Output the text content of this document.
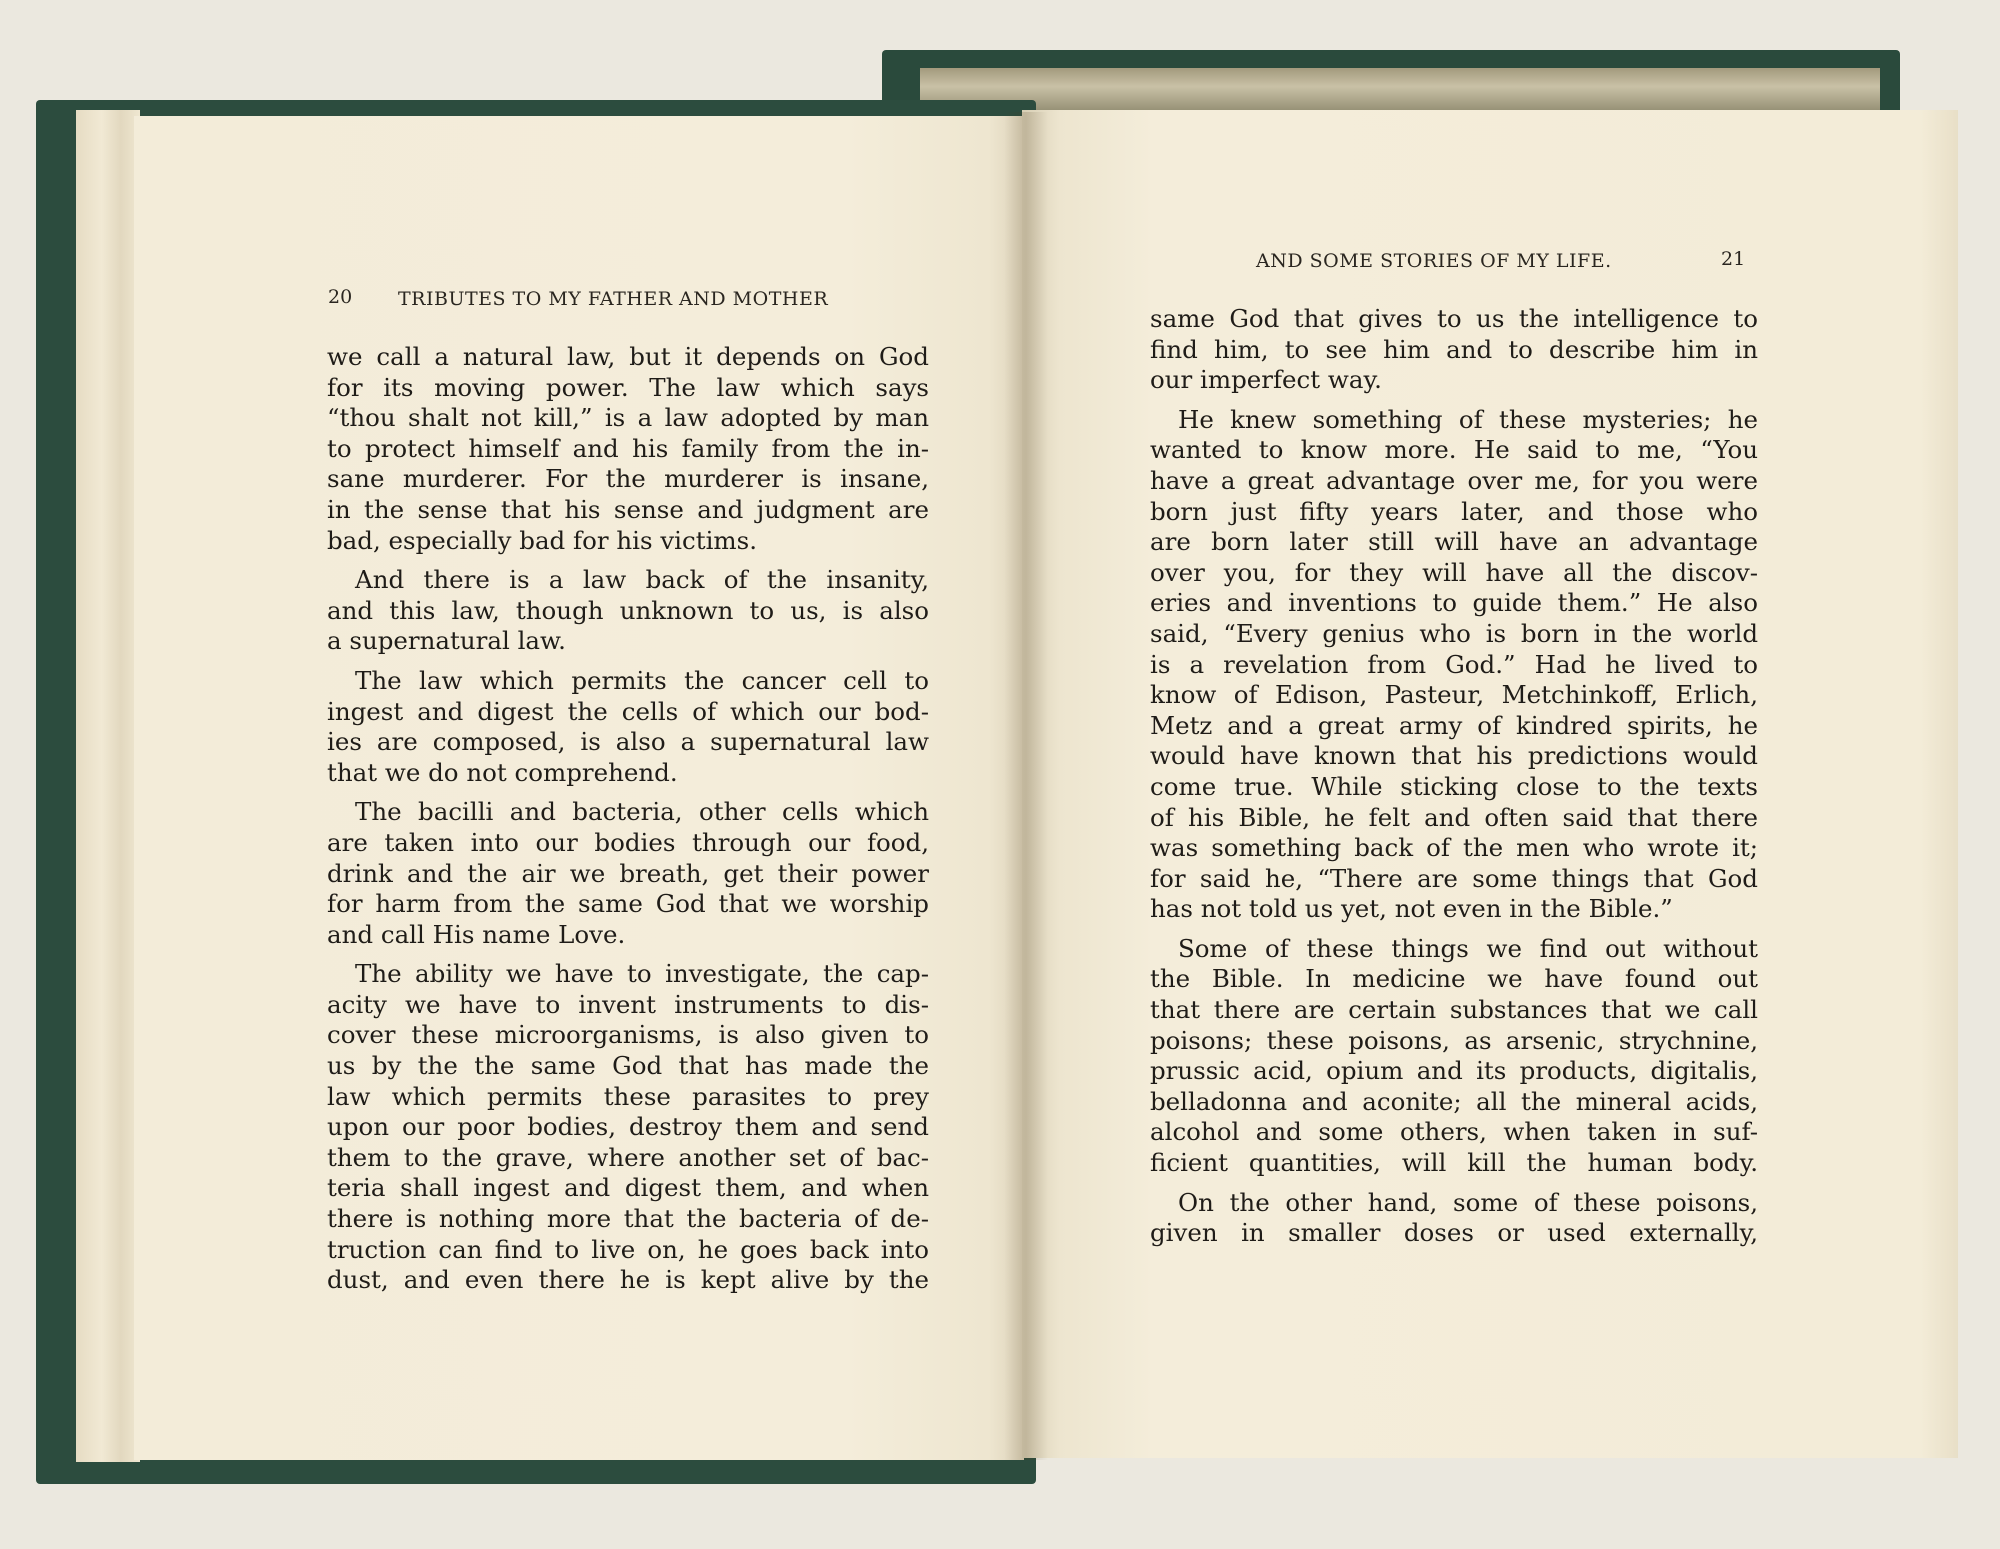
20 TRIBUTES TO MY FATHER AND MOTHER
we call a natural law, but it depends on God
for its moving power. The law which says
“thou shalt not kill,” is a law adopted by man
to protect himself and his family from the in-
sane murderer. For the murderer is insane,
in the sense that his sense and judgment are
bad, especially bad for his victims.
And there is a law back of the insanity,
and this law, though unknown to us, is also
a supernatural law.
The law which permits the cancer cell to
ingest and digest the cells of which our bod-
ies are composed, is also a supernatural law
that we do not comprehend.
The bacilli and bacteria, other cells which
are taken into our bodies through our food,
drink and the air we breath, get their power
for harm from the same God that we worship
and call His name Love.
The ability we have to investigate, the cap-
acity we have to invent instruments to dis-
cover these microorganisms, is also given to
us by the the same God that has made the
law which permits these parasites to prey
upon our poor bodies, destroy them and send
them to the grave, where another set of bac-
teria shall ingest and digest them, and when
there is nothing more that the bacteria of de-
truction can find to live on, he goes back into
dust, and even there he is kept alive by the
AND SOME STORIES OF MY LIFE.	21
same God that gives to us the intelligence to
find him, to see him and to describe him in
our imperfect way.
He knew something of these mysteries; he
wanted to know more. He said to me, “You
have a great advantage over me, for you were
born just fifty years later, and those who
are born later still will have an advantage
over you, for they will have all the discov-
eries and inventions to guide them.” He also
said, “Every genius who is born in the world
is a revelation from God.” Had he lived to
know of Edison, Pasteur, Metchinkoff, Erlich,
Metz and a great army of kindred spirits, he
would have known that his predictions would
come true. While sticking close to the texts
of his Bible, he felt and often said that there
was something back of the men who wrote it;
for said he, “There are some things that God
has not told us yet, not even in the Bible.”
Some of these things we find out without
the Bible. In medicine we have found out
that there are certain substances that we call
poisons; these poisons, as arsenic, strychnine,
prussic acid, opium and its products, digitalis,
belladonna and aconite; all the mineral acids,
alcohol and some others, when taken in suf-
ficient quantities, will kill the human body.
On the other hand, some of these poisons,
given in smaller doses or used externally,
